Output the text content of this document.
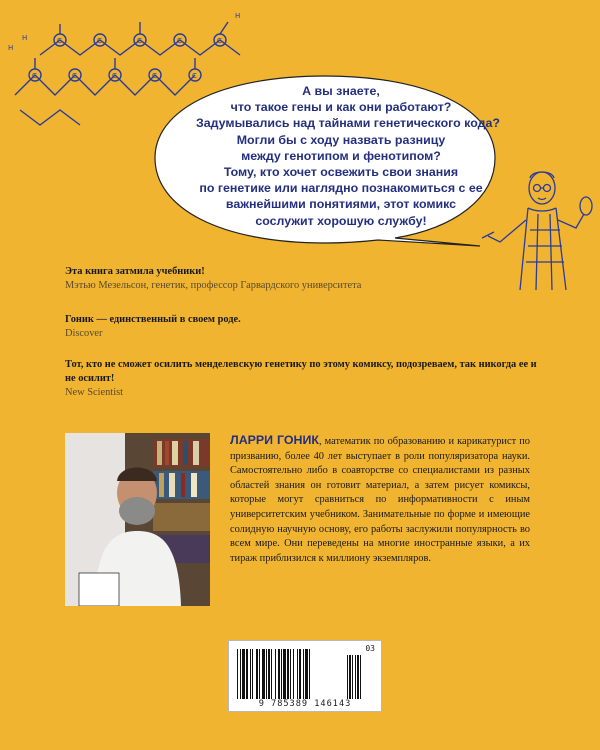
C	C	C	C	C
C	C	C	C	C
H
H
H
А вы знаете,
что такое гены и как они работают?
Задумывались над тайнами генетического кода?
Могли бы с ходу назвать разницу
между генотипом и фенотипом?
Тому, кто хочет освежить свои знания
по генетике или наглядно познакомиться с ее
важнейшими понятиями, этот комикс
сослужит хорошую службу!
Эта книга затмила учебники!
Мэтью Мезельсон, генетик, профессор Гарвардского университета
Гоник — единственный в своем роде.
Discover
Тот, кто не сможет осилить менделевскую генетику по этому комиксу, подозреваем, так никогда ее и не осилит!
New Scientist
ЛАРРИ ГОНИК, математик по образованию и карикатурист по призванию, более 40 лет выступает в роли популяризатора науки. Самостоятельно либо в соавторстве со специалистами из разных областей знания он готовит материал, а затем рисует комиксы, которые могут сравниться по информативности с иным университетским учебником. Занимательные по форме и имеющие солидную научную основу, его работы заслужили популярность во всем мире. Они переведены на многие иностранные языки, а их тираж приблизился к миллиону экземпляров.
03
9 785389 146143
